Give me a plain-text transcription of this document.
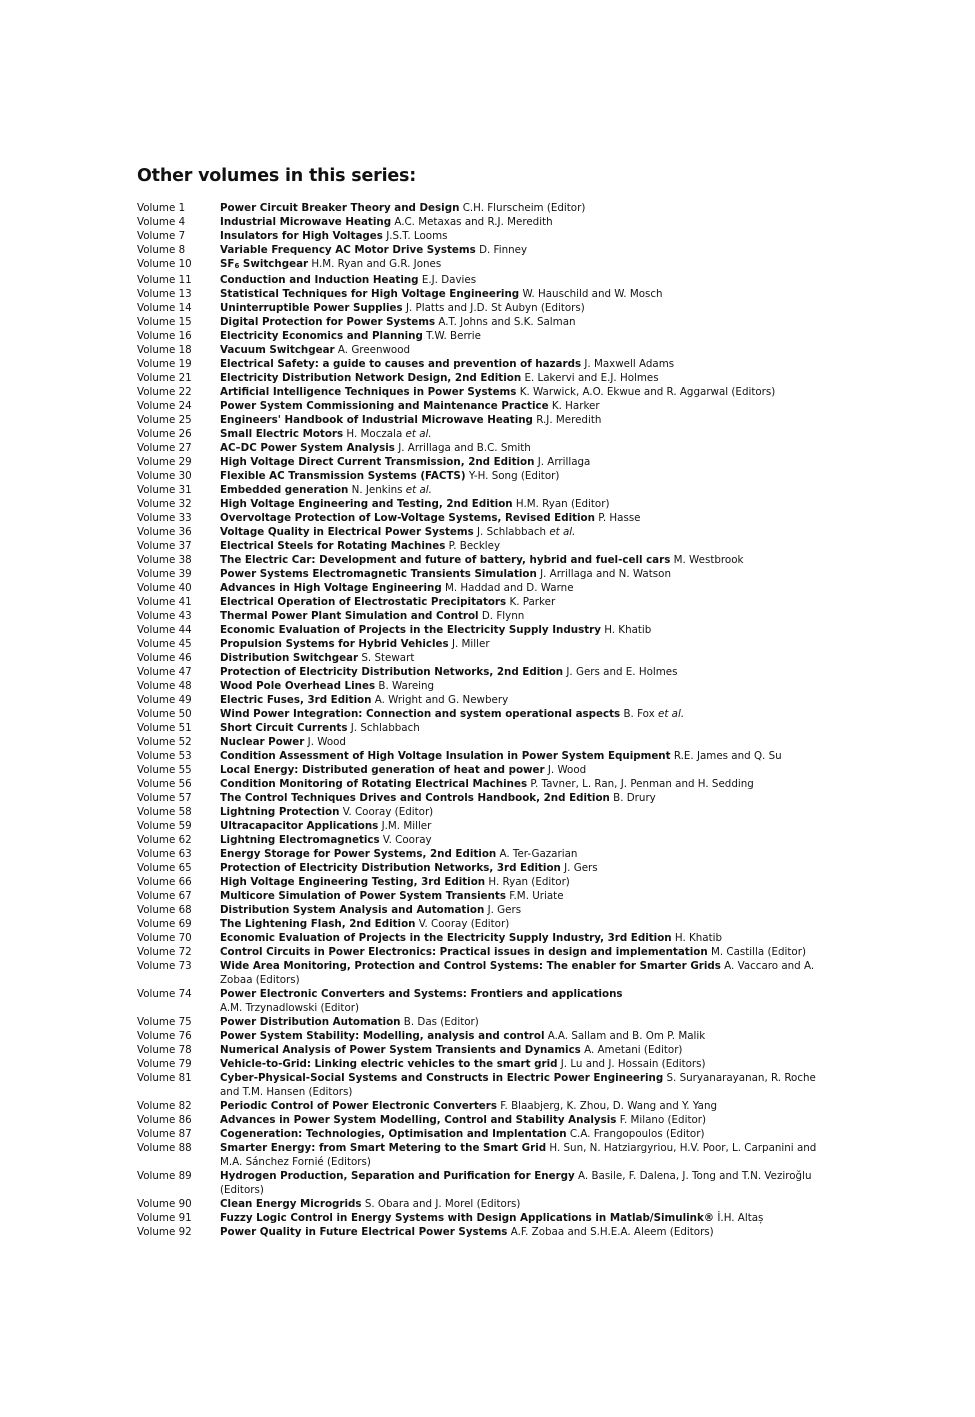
Other volumes in this series:
Volume 1	Power Circuit Breaker Theory and Design C.H. Flurscheim (Editor)
Volume 4	Industrial Microwave Heating A.C. Metaxas and R.J. Meredith
Volume 7	Insulators for High Voltages J.S.T. Looms
Volume 8	Variable Frequency AC Motor Drive Systems D. Finney
Volume 10	$SF_6$ Switchgear H.M. Ryan and G.R. Jones
Volume 11	Conduction and Induction Heating E.J. Davies
Volume 13	Statistical Techniques for High Voltage Engineering W. Hauschild and W. Mosch
Volume 14	Uninterruptible Power Supplies J. Platts and J.D. St Aubyn (Editors)
Volume 15	Digital Protection for Power Systems A.T. Johns and S.K. Salman
Volume 16	Electricity Economics and Planning T.W. Berrie
Volume 18	Vacuum Switchgear A. Greenwood
Volume 19	Electrical Safety: a guide to causes and prevention of hazards J. Maxwell Adams
Volume 21	Electricity Distribution Network Design, 2nd Edition E. Lakervi and E.J. Holmes
Volume 22	Artificial Intelligence Techniques in Power Systems K. Warwick, A.O. Ekwue and R. Aggarwal (Editors)
Volume 24	Power System Commissioning and Maintenance Practice K. Harker
Volume 25	Engineers' Handbook of Industrial Microwave Heating R.J. Meredith
Volume 26	Small Electric Motors H. Moczala et al.
Volume 27	AC–DC Power System Analysis J. Arrillaga and B.C. Smith
Volume 29	High Voltage Direct Current Transmission, 2nd Edition J. Arrillaga
Volume 30	Flexible AC Transmission Systems (FACTS) Y-H. Song (Editor)
Volume 31	Embedded generation N. Jenkins et al.
Volume 32	High Voltage Engineering and Testing, 2nd Edition H.M. Ryan (Editor)
Volume 33	Overvoltage Protection of Low-Voltage Systems, Revised Edition P. Hasse
Volume 36	Voltage Quality in Electrical Power Systems J. Schlabbach et al.
Volume 37	Electrical Steels for Rotating Machines P. Beckley
Volume 38	The Electric Car: Development and future of battery, hybrid and fuel-cell cars M. Westbrook
Volume 39	Power Systems Electromagnetic Transients Simulation J. Arrillaga and N. Watson
Volume 40	Advances in High Voltage Engineering M. Haddad and D. Warne
Volume 41	Electrical Operation of Electrostatic Precipitators K. Parker
Volume 43	Thermal Power Plant Simulation and Control D. Flynn
Volume 44	Economic Evaluation of Projects in the Electricity Supply Industry H. Khatib
Volume 45	Propulsion Systems for Hybrid Vehicles J. Miller
Volume 46	Distribution Switchgear S. Stewart
Volume 47	Protection of Electricity Distribution Networks, 2nd Edition J. Gers and E. Holmes
Volume 48	Wood Pole Overhead Lines B. Wareing
Volume 49	Electric Fuses, 3rd Edition A. Wright and G. Newbery
Volume 50	Wind Power Integration: Connection and system operational aspects B. Fox et al.
Volume 51	Short Circuit Currents J. Schlabbach
Volume 52	Nuclear Power J. Wood
Volume 53	Condition Assessment of High Voltage Insulation in Power System Equipment R.E. James and Q. Su
Volume 55	Local Energy: Distributed generation of heat and power J. Wood
Volume 56	Condition Monitoring of Rotating Electrical Machines P. Tavner, L. Ran, J. Penman and H. Sedding
Volume 57	The Control Techniques Drives and Controls Handbook, 2nd Edition B. Drury
Volume 58	Lightning Protection V. Cooray (Editor)
Volume 59	Ultracapacitor Applications J.M. Miller
Volume 62	Lightning Electromagnetics V. Cooray
Volume 63	Energy Storage for Power Systems, 2nd Edition A. Ter-Gazarian
Volume 65	Protection of Electricity Distribution Networks, 3rd Edition J. Gers
Volume 66	High Voltage Engineering Testing, 3rd Edition H. Ryan (Editor)
Volume 67	Multicore Simulation of Power System Transients F.M. Uriate
Volume 68	Distribution System Analysis and Automation J. Gers
Volume 69	The Lightening Flash, 2nd Edition V. Cooray (Editor)
Volume 70	Economic Evaluation of Projects in the Electricity Supply Industry, 3rd Edition H. Khatib
Volume 72	Control Circuits in Power Electronics: Practical issues in design and implementation M. Castilla (Editor)
Volume 73	Wide Area Monitoring, Protection and Control Systems: The enabler for Smarter Grids A. Vaccaro and A. Zobaa (Editors)
Volume 74	Power Electronic Converters and Systems: Frontiers and applications
A.M. Trzynadlowski (Editor)
Volume 75	Power Distribution Automation B. Das (Editor)
Volume 76	Power System Stability: Modelling, analysis and control A.A. Sallam and B. Om P. Malik
Volume 78	Numerical Analysis of Power System Transients and Dynamics A. Ametani (Editor)
Volume 79	Vehicle-to-Grid: Linking electric vehicles to the smart grid J. Lu and J. Hossain (Editors)
Volume 81	Cyber-Physical-Social Systems and Constructs in Electric Power Engineering S. Suryanarayanan, R. Roche and T.M. Hansen (Editors)
Volume 82	Periodic Control of Power Electronic Converters F. Blaabjerg, K. Zhou, D. Wang and Y. Yang
Volume 86	Advances in Power System Modelling, Control and Stability Analysis F. Milano (Editor)
Volume 87	Cogeneration: Technologies, Optimisation and Implentation C.A. Frangopoulos (Editor)
Volume 88	Smarter Energy: from Smart Metering to the Smart Grid H. Sun, N. Hatziargyriou, H.V. Poor, L. Carpanini and M.A. Sánchez Fornié (Editors)
Volume 89	Hydrogen Production, Separation and Purification for Energy A. Basile, F. Dalena, J. Tong and T.N. Veziroğlu (Editors)
Volume 90	Clean Energy Microgrids S. Obara and J. Morel (Editors)
Volume 91	Fuzzy Logic Control in Energy Systems with Design Applications in Matlab/Simulink® İ.H. Altaș
Volume 92	Power Quality in Future Electrical Power Systems A.F. Zobaa and S.H.E.A. Aleem (Editors)
